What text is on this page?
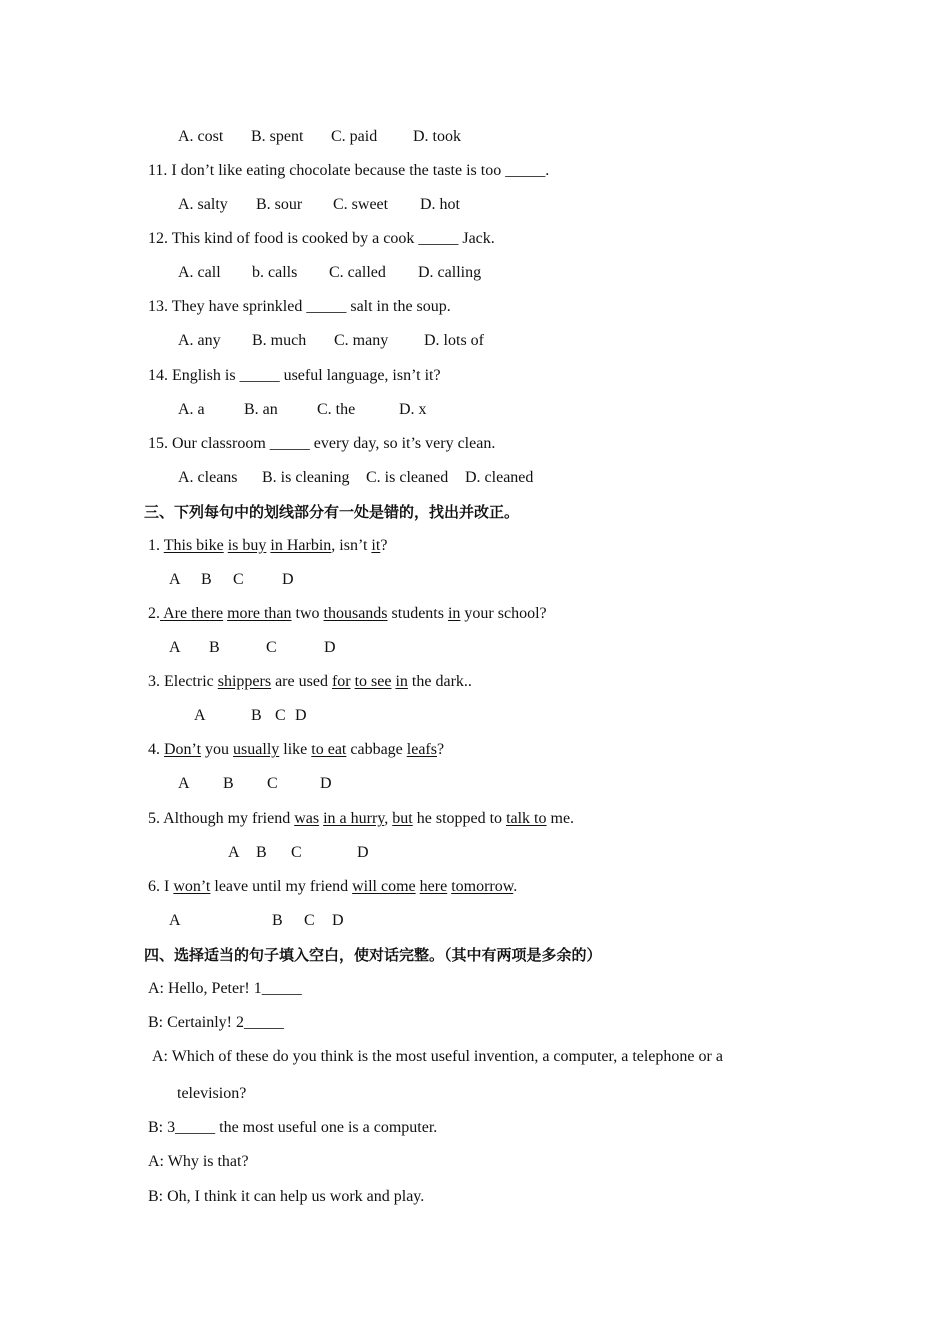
A. cost B. spent C. paid D. took
11. I don’t like eating chocolate because the taste is too _____.
A. salty B. sour C. sweet D. hot
12. This kind of food is cooked by a cook _____ Jack.
A. call b. calls C. called D. calling
13. They have sprinkled _____ salt in the soup.
A. any B. much C. many D. lots of
14. English is _____ useful language, isn’t it?
A. a B. an C. the	D. x
15. Our classroom _____ every day, so it’s very clean.
A. cleans B. is cleaning C. is cleaned D. cleaned
三、下列每句中的划线部分有一处是错的，找出并改正。
1. This bike is buy in Harbin, isn’t it?
A B C D
2. Are there more than two thousands students in your school?
A B	C	D
3. Electric shippers are used for to see in the dark..
A	B C D
4. Don’t you usually like to eat cabbage leafs?
A B C	D
5. Although my friend was in a hurry, but he stopped to talk to me.
A B C	D
6. I won’t leave until my friend will come here tomorrow.
A	B C D
四、选择适当的句子填入空白，使对话完整。（其中有两项是多余的）
A: Hello, Peter! 1_____
B: Certainly! 2_____
A: Which of these do you think is the most useful invention, a computer, a telephone or a
television?
B: 3_____ the most useful one is a computer.
A: Why is that?
B: Oh, I think it can help us work and play.
